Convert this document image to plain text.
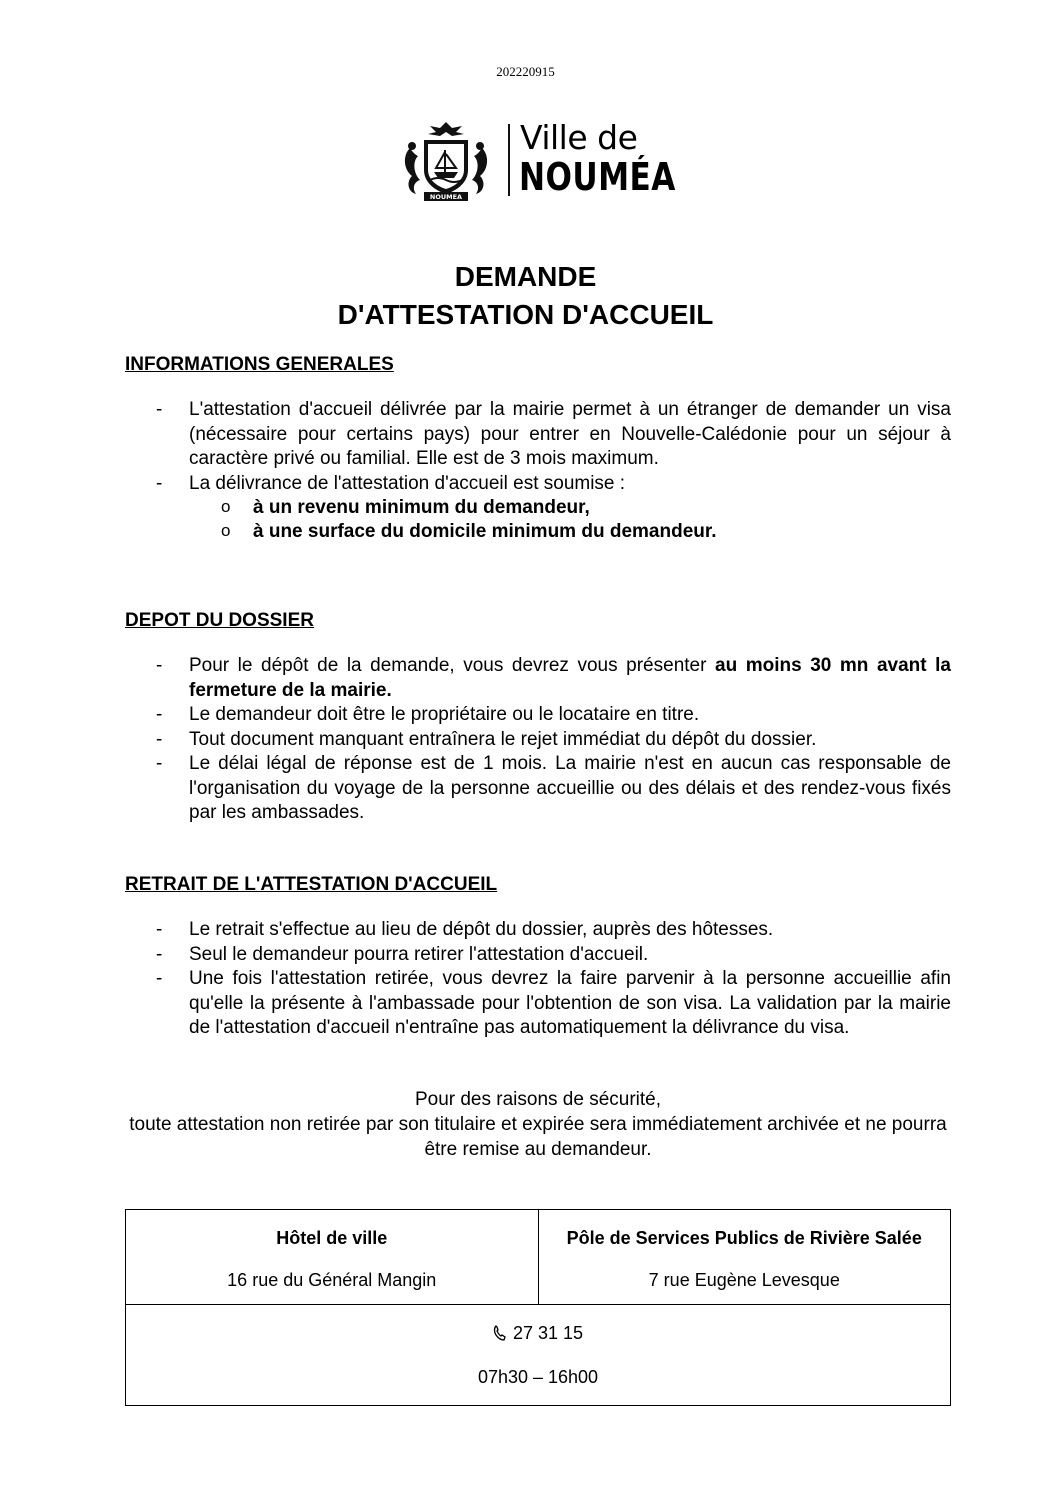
202220915
NOUMEA
Ville de
NOUMÉA
DEMANDE
D'ATTESTATION D'ACCUEIL
INFORMATIONS GENERALES
- L'attestation d'accueil délivrée par la mairie permet à un étranger de demander un visa (nécessaire pour certains pays) pour entrer en Nouvelle-Calédonie pour un séjour à caractère privé ou familial. Elle est de 3 mois maximum.
- La délivrance de l'attestation d'accueil est soumise :
o à un revenu minimum du demandeur,
o à une surface du domicile minimum du demandeur.
DEPOT DU DOSSIER
- Pour le dépôt de la demande, vous devrez vous présenter au moins 30 mn avant la fermeture de la mairie.
- Le demandeur doit être le propriétaire ou le locataire en titre.
- Tout document manquant entraînera le rejet immédiat du dépôt du dossier.
- Le délai légal de réponse est de 1 mois. La mairie n'est en aucun cas responsable de l'organisation du voyage de la personne accueillie ou des délais et des rendez-vous fixés par les ambassades.
RETRAIT DE L'ATTESTATION D'ACCUEIL
- Le retrait s'effectue au lieu de dépôt du dossier, auprès des hôtesses.
- Seul le demandeur pourra retirer l'attestation d'accueil.
- Une fois l'attestation retirée, vous devrez la faire parvenir à la personne accueillie afin qu'elle la présente à l'ambassade pour l'obtention de son visa. La validation par la mairie de l'attestation d'accueil n'entraîne pas automatiquement la délivrance du visa.

Pour des raisons de sécurité,

toute attestation non retirée par son titulaire et expirée sera immédiatement archivée et ne pourra être remise au demandeur.

Hôtel de ville
16 rue du Général Mangin

Pôle de Services Publics de Rivière Salée
7 rue Eugène Levesque

27 31 15
07h30 – 16h00
